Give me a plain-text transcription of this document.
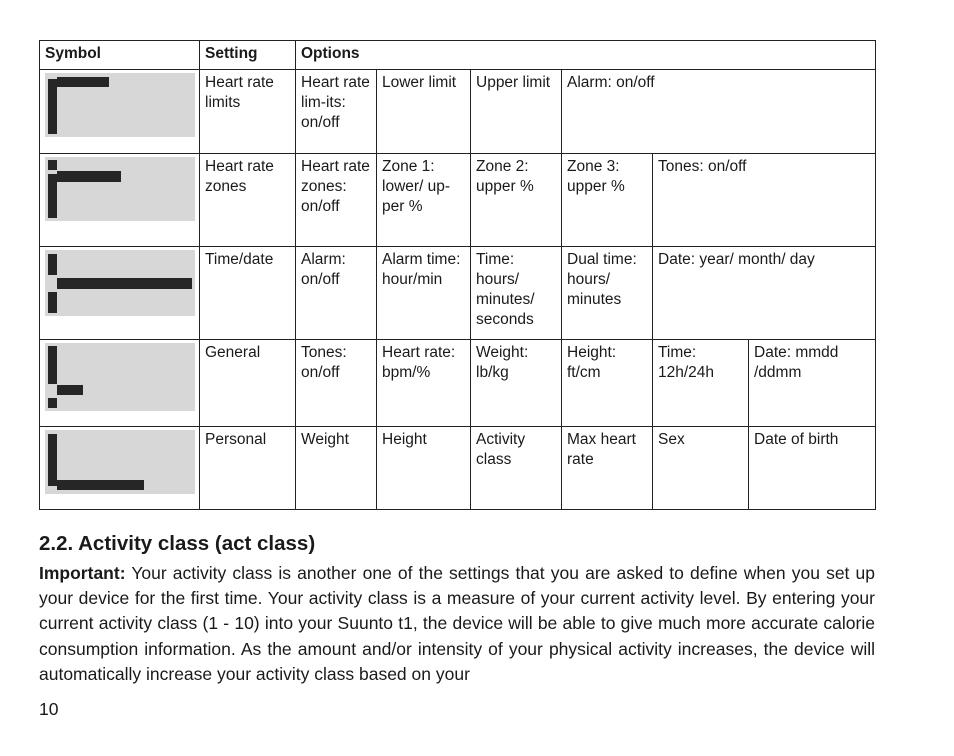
Symbol	Setting	Options					

	Heart rate limits	Heart rate lim-its: on/off	Lower limit	Upper limit	Alarm: on/off		

	Heart rate zones	Heart rate zones: on/off	Zone 1: lower/ up-per %	Zone 2: upper %	Zone 3: upper %	Tones: on/off	

	Time/date	Alarm: on/off	Alarm time: hour/min	Time: hours/ minutes/ seconds	Dual time: hours/ minutes	Date: year/ month/ day	

	General	Tones: on/off	Heart rate: bpm/%	Weight: lb/kg	Height: ft/cm	Time: 12h/24h	Date: mmdd /ddmm

	Personal	Weight	Height	Activity class	Max heart rate	Sex	Date of birth
2.2. Activity class (act class)

Important: Your activity class is another one of the settings that you are asked to define when you set up your device for the first time. Your activity class is a measure of your current activity level. By entering your current activity class (1 - 10) into your Suunto t1, the device will be able to give much more accurate calorie consumption information. As the amount and/or intensity of your physical activity increases, the device will automatically increase your activity class based on your

10
